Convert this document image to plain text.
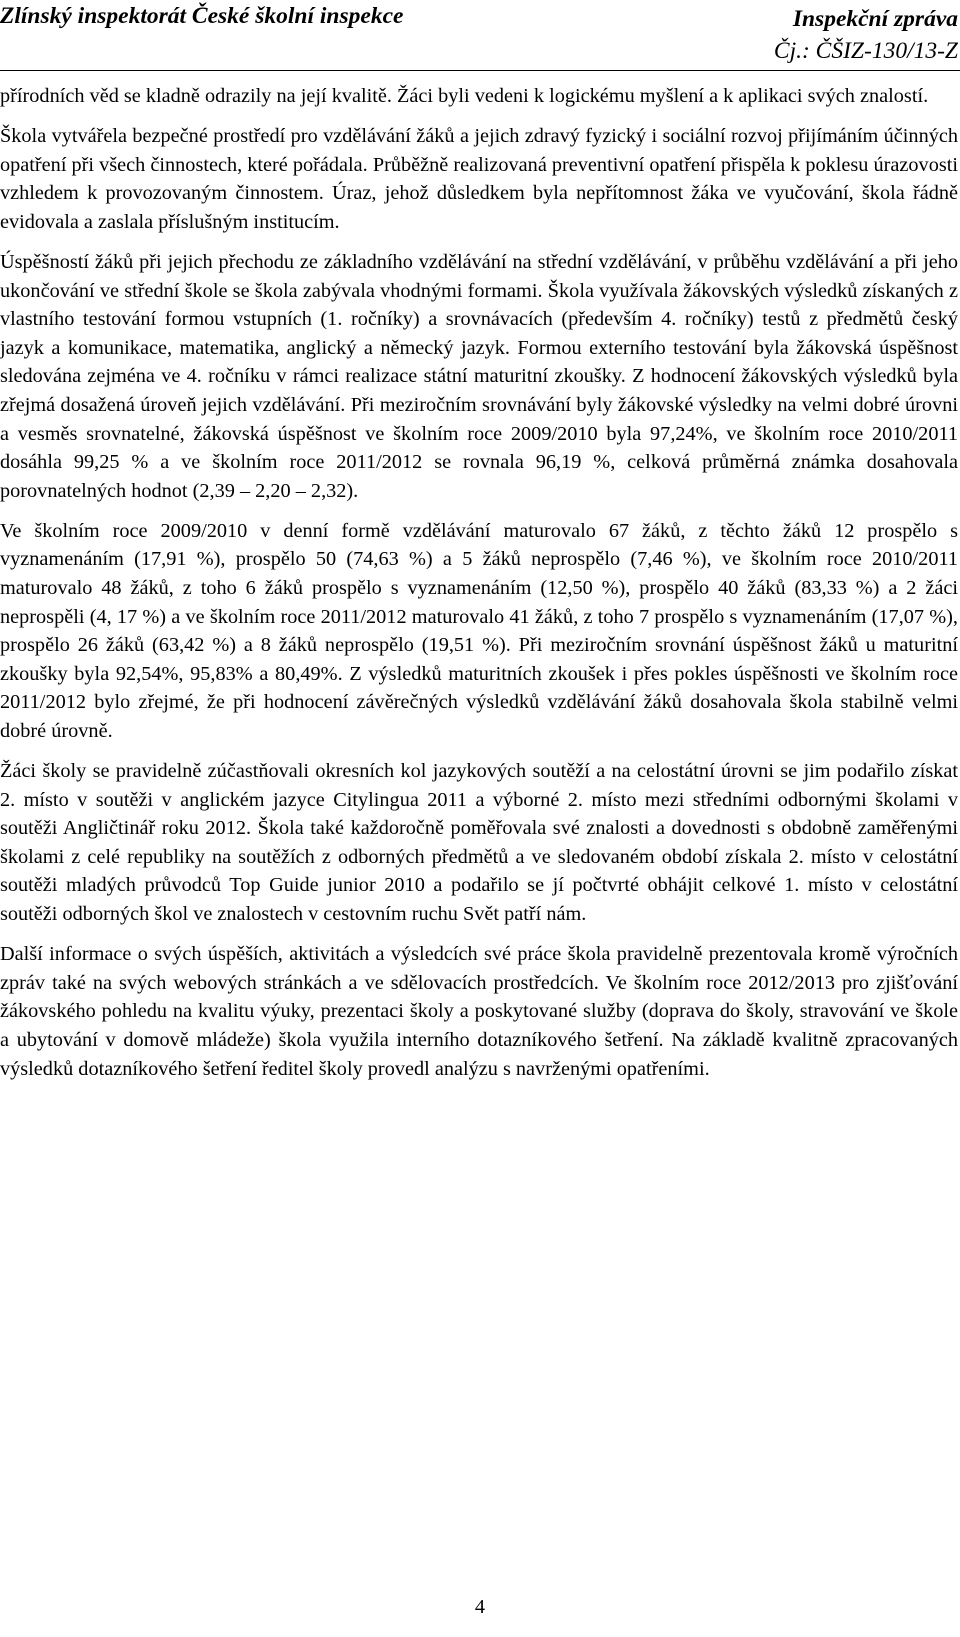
Zlínský inspektorát České školní inspekce	Inspekční zpráva
Čj.: ČŠIZ-130/13-Z

přírodních věd se kladně odrazily na její kvalitě. Žáci byli vedeni k logickému myšlení a k aplikaci svých znalostí.

Škola vytvářela bezpečné prostředí pro vzdělávání žáků a jejich zdravý fyzický i sociální rozvoj přijímáním účinných opatření při všech činnostech, které pořádala. Průběžně realizovaná preventivní opatření přispěla k poklesu úrazovosti vzhledem k provozovaným činnostem. Úraz, jehož důsledkem byla nepřítomnost žáka ve vyučování, škola řádně evidovala a zaslala příslušným institucím.

Úspěšností žáků při jejich přechodu ze základního vzdělávání na střední vzdělávání, v průběhu vzdělávání a při jeho ukončování ve střední škole se škola zabývala vhodnými formami. Škola využívala žákovských výsledků získaných z vlastního testování formou vstupních (1. ročníky) a srovnávacích (především 4. ročníky) testů z předmětů český jazyk a komunikace, matematika, anglický a německý jazyk. Formou externího testování byla žákovská úspěšnost sledována zejména ve 4. ročníku v rámci realizace státní maturitní zkoušky. Z hodnocení žákovských výsledků byla zřejmá dosažená úroveň jejich vzdělávání. Při meziročním srovnávání byly žákovské výsledky na velmi dobré úrovni a vesměs srovnatelné, žákovská úspěšnost ve školním roce 2009/2010 byla 97,24%, ve školním roce 2010/2011 dosáhla 99,25 % a ve školním roce 2011/2012 se rovnala 96,19 %, celková průměrná známka dosahovala porovnatelných hodnot (2,39 – 2,20 – 2,32).

Ve školním roce 2009/2010 v denní formě vzdělávání maturovalo 67 žáků, z těchto žáků 12 prospělo s vyznamenáním (17,91 %), prospělo 50 (74,63 %) a 5 žáků neprospělo (7,46 %), ve školním roce 2010/2011 maturovalo 48 žáků, z toho 6 žáků prospělo s vyznamenáním (12,50 %), prospělo 40 žáků (83,33 %) a 2 žáci neprospěli (4, 17 %) a ve školním roce 2011/2012 maturovalo 41 žáků, z toho 7 prospělo s vyznamenáním (17,07 %), prospělo 26 žáků (63,42 %) a 8 žáků neprospělo (19,51 %). Při meziročním srovnání úspěšnost žáků u maturitní zkoušky byla 92,54%, 95,83% a 80,49%. Z výsledků maturitních zkoušek i přes pokles úspěšnosti ve školním roce 2011/2012 bylo zřejmé, že při hodnocení závěrečných výsledků vzdělávání žáků dosahovala škola stabilně velmi dobré úrovně.

Žáci školy se pravidelně zúčastňovali okresních kol jazykových soutěží a na celostátní úrovni se jim podařilo získat 2. místo v soutěži v anglickém jazyce Citylingua 2011 a výborné 2. místo mezi středními odbornými školami v soutěži Angličtinář roku 2012. Škola také každoročně poměřovala své znalosti a dovednosti s obdobně zaměřenými školami z celé republiky na soutěžích z odborných předmětů a ve sledovaném období získala 2. místo v celostátní soutěži mladých průvodců Top Guide junior 2010 a podařilo se jí počtvrté obhájit celkové 1. místo v celostátní soutěži odborných škol ve znalostech v cestovním ruchu Svět patří nám.

Další informace o svých úspěších, aktivitách a výsledcích své práce škola pravidelně prezentovala kromě výročních zpráv také na svých webových stránkách a ve sdělovacích prostředcích. Ve školním roce 2012/2013 pro zjišťování žákovského pohledu na kvalitu výuky, prezentaci školy a poskytované služby (doprava do školy, stravování ve škole a ubytování v domově mládeže) škola využila interního dotazníkového šetření. Na základě kvalitně zpracovaných výsledků dotazníkového šetření ředitel školy provedl analýzu s navrženými opatřeními.

4
